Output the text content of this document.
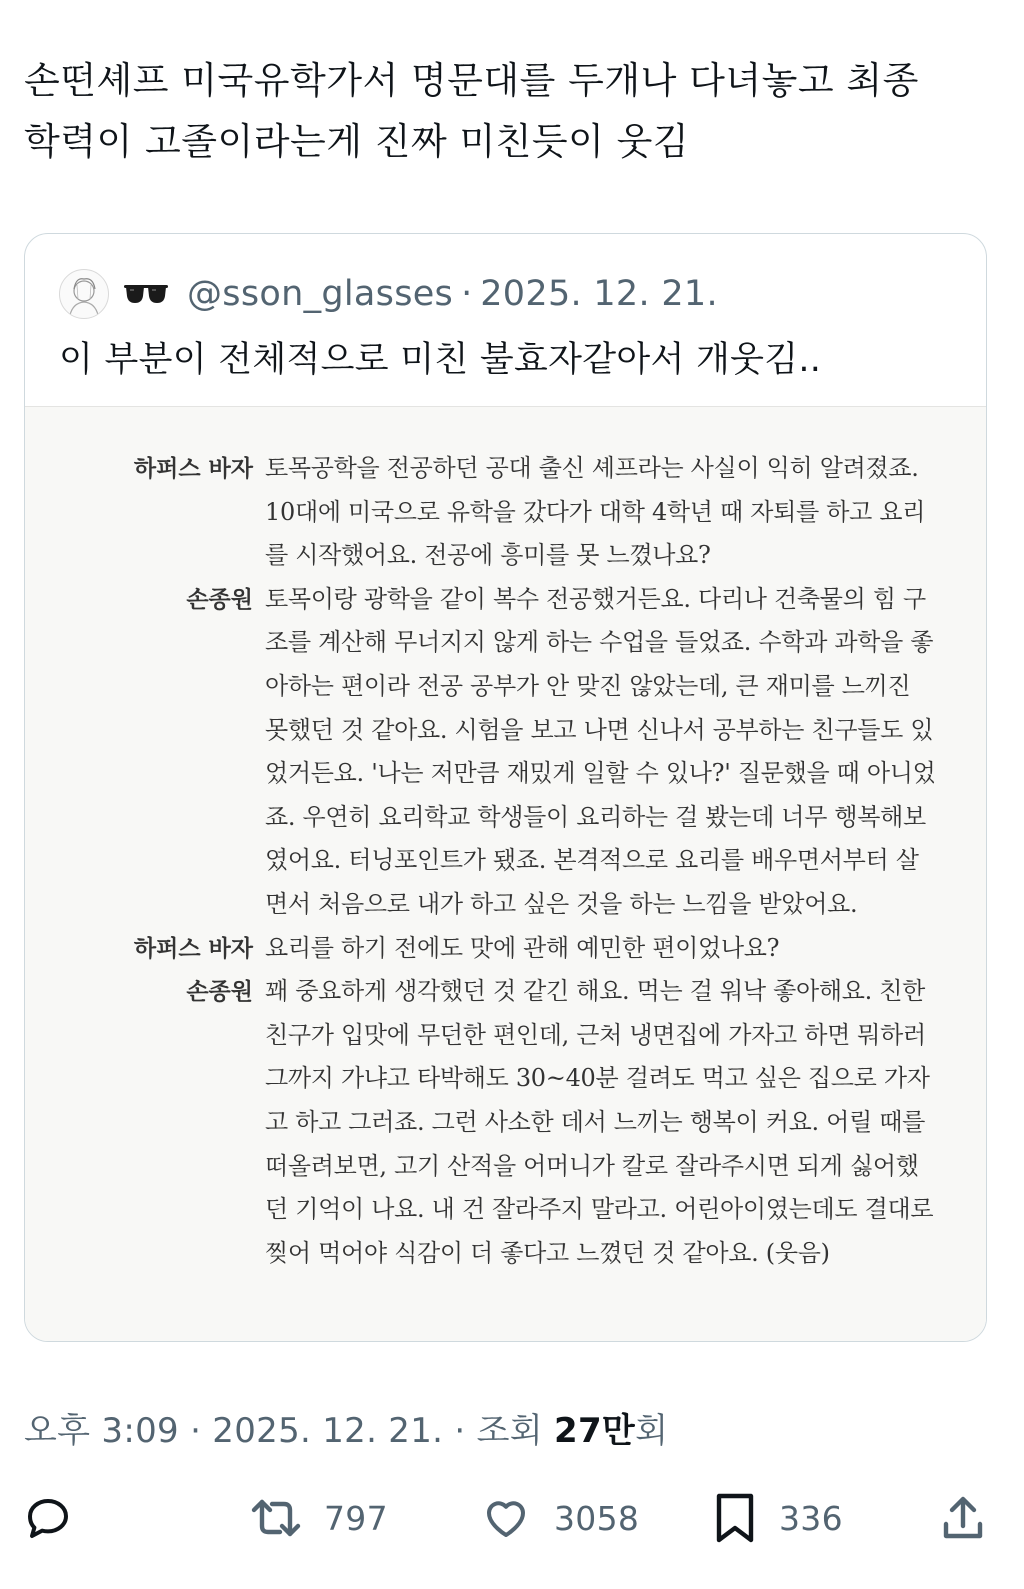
손떤셰프 미국유학가서 명문대를 두개나 다녀놓고 최종
학력이 고졸이라는게 진짜 미친듯이 웃김
@sson_glasses · 2025. 12. 21.
이 부분이 전체적으로 미친 불효자같아서 개웃김..
하퍼스 바자 토목공학을 전공하던 공대 출신 셰프라는 사실이 익히 알려졌죠.
10대에 미국으로 유학을 갔다가 대학 4학년 때 자퇴를 하고 요리
를 시작했어요. 전공에 흥미를 못 느꼈나요?
손종원 토목이랑 광학을 같이 복수 전공했거든요. 다리나 건축물의 힘 구
조를 계산해 무너지지 않게 하는 수업을 들었죠. 수학과 과학을 좋
아하는 편이라 전공 공부가 안 맞진 않았는데, 큰 재미를 느끼진
못했던 것 같아요. 시험을 보고 나면 신나서 공부하는 친구들도 있
었거든요. '나는 저만큼 재밌게 일할 수 있나?' 질문했을 때 아니었
죠. 우연히 요리학교 학생들이 요리하는 걸 봤는데 너무 행복해보
였어요. 터닝포인트가 됐죠. 본격적으로 요리를 배우면서부터 살
면서 처음으로 내가 하고 싶은 것을 하는 느낌을 받았어요.
하퍼스 바자 요리를 하기 전에도 맛에 관해 예민한 편이었나요?
손종원 꽤 중요하게 생각했던 것 같긴 해요. 먹는 걸 워낙 좋아해요. 친한
친구가 입맛에 무던한 편인데, 근처 냉면집에 가자고 하면 뭐하러
그까지 가냐고 타박해도 30~40분 걸려도 먹고 싶은 집으로 가자
고 하고 그러죠. 그런 사소한 데서 느끼는 행복이 커요. 어릴 때를
떠올려보면, 고기 산적을 어머니가 칼로 잘라주시면 되게 싫어했
던 기억이 나요. 내 건 잘라주지 말라고. 어린아이였는데도 결대로
찢어 먹어야 식감이 더 좋다고 느꼈던 것 같아요. (웃음)
오후 3:09 · 2025. 12. 21. · 조회 27만회
797	3058	336
